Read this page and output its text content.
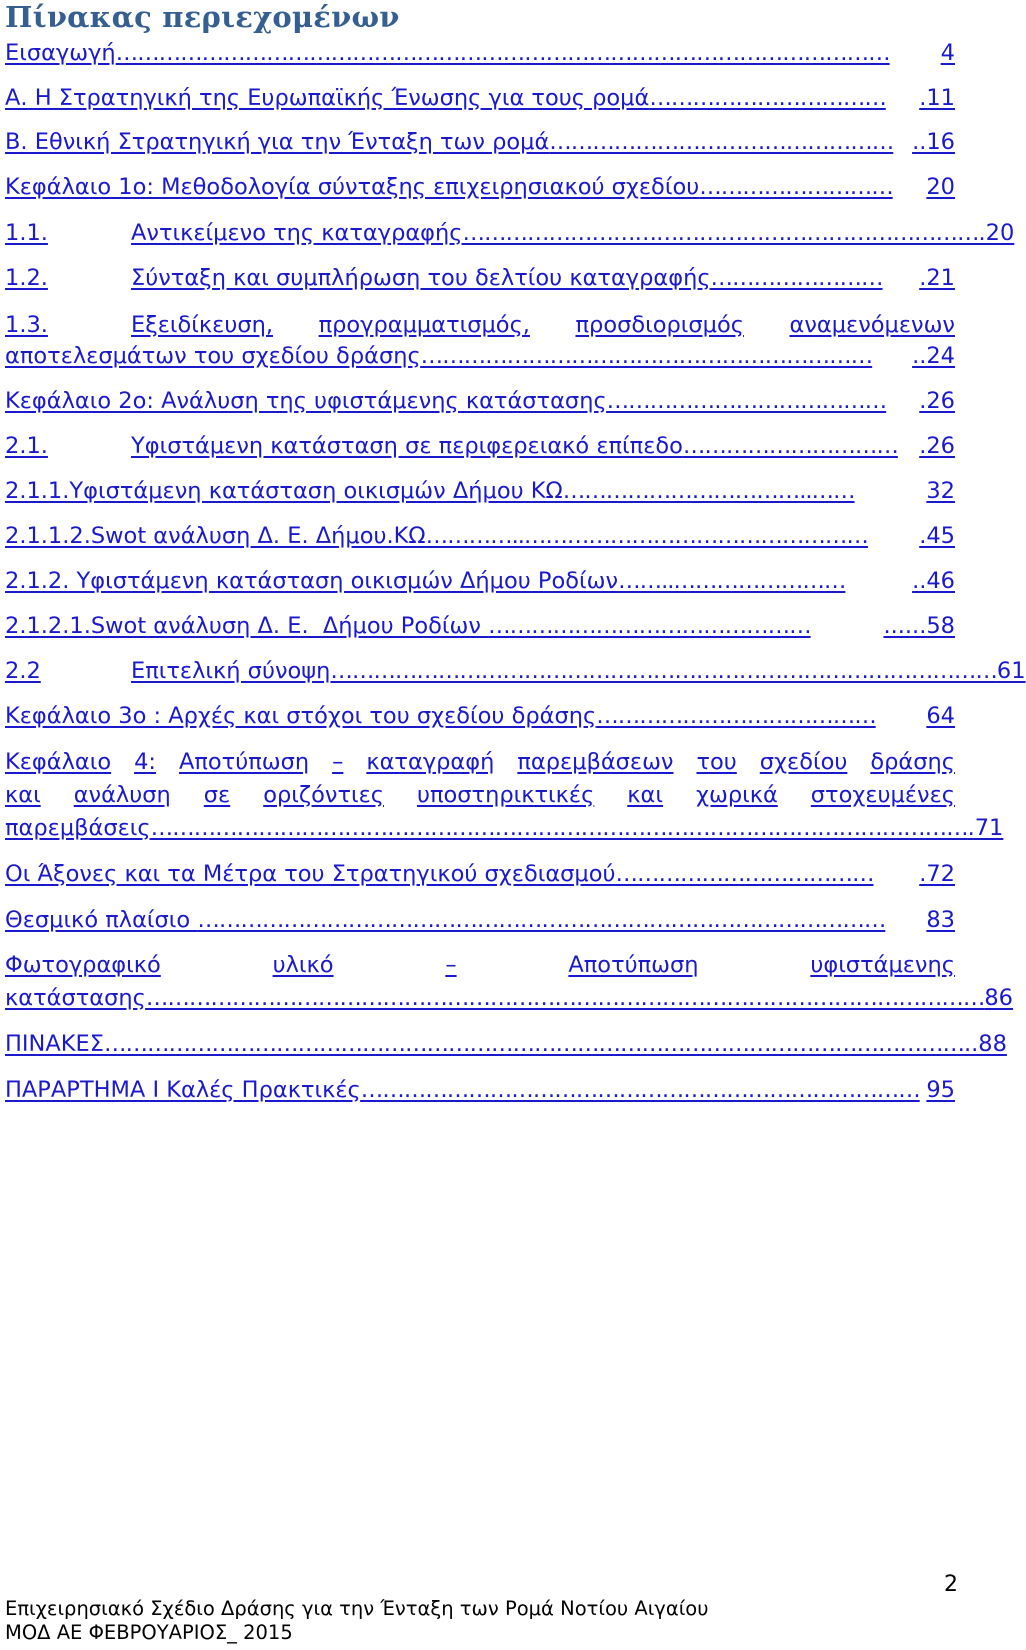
Πίνακας περιεχομένων
Εισαγωγή ………………………………………………………………………………………………	4
Α. Η Στρατηγική της Ευρωπαϊκής Ένωσης για τους ρομά ……………………………	.11
Β. Εθνική Στρατηγική για την Ένταξη των ρομά ………………………………………… ..16
Κεφάλαιο 1ο: Μεθοδολογία σύνταξης επιχειρησιακού σχεδίου ………………………	20
1.1.	Αντικείμενο της καταγραφής ……………………………………………………………… .20
1.2.	Σύνταξη και συμπλήρωση του δελτίου καταγραφής ……………………	.21
1.3.	Εξειδίκευση, προγραμματισμός, προσδιορισμός αναμενόμενων
αποτελεσμάτων του σχεδίου δράσης ………………………………………………………	..24
Κεφάλαιο 2ο: Ανάλυση της υφιστάμενης κατάστασης …………………………………	.26
2.1.	Υφιστάμενη κατάσταση σε περιφερειακό επίπεδο ………………………… .26
2.1.1.Υφιστάμενη κατάσταση οικισμών Δήμου ΚΩ ……………………………..……	32
2.1.1.2.Swot ανάλυση Δ. Ε. Δήμου.ΚΩ …………..…………………………………………	.45
2.1.2. Υφιστάμενη κατάσταση οικισμών Δήμου Ροδίων ……..……………………	..46
2.1.2.1.Swot ανάλυση Δ. Ε.  Δήμου Ροδίων ………………………………………	......58
2.2	Επιτελική σύνοψη ………………………………………………………………………………… 61
Κεφάλαιο 3ο : Αρχές και στόχοι του σχεδίου δράσης …………………………………	64
Κεφάλαιο 4: Αποτύπωση – καταγραφή παρεμβάσεων του σχεδίου δράσης
και ανάλυση σε οριζόντιες υποστηρικτικές και χωρικά στοχευμένες
παρεμβάσεις …………………………………………………………………………………………………… .71
Οι Άξονες και τα Μέτρα του Στρατηγικού σχεδιασμού ………………………………	.72
Θεσμικό πλαίσιο ……………………………………………………………………………………	83
Φωτογραφικό	υλικό	–	Αποτύπωση	υφιστάμενης
κατάστασης ……………………………………………………………………………………………………… 86
ΠΙΝΑΚΕΣ ………………………………………………………………………………………………………… ..88
ΠΑΡΑΡΤΗΜΑ Ι Καλές Πρακτικές …………………………………………………………………… 95
2
Επιχειρησιακό Σχέδιο Δράσης για την Ένταξη των Ρομά Νοτίου Αιγαίου
ΜΟΔ ΑΕ ΦΕΒΡΟΥΑΡΙΟΣ_ 2015
